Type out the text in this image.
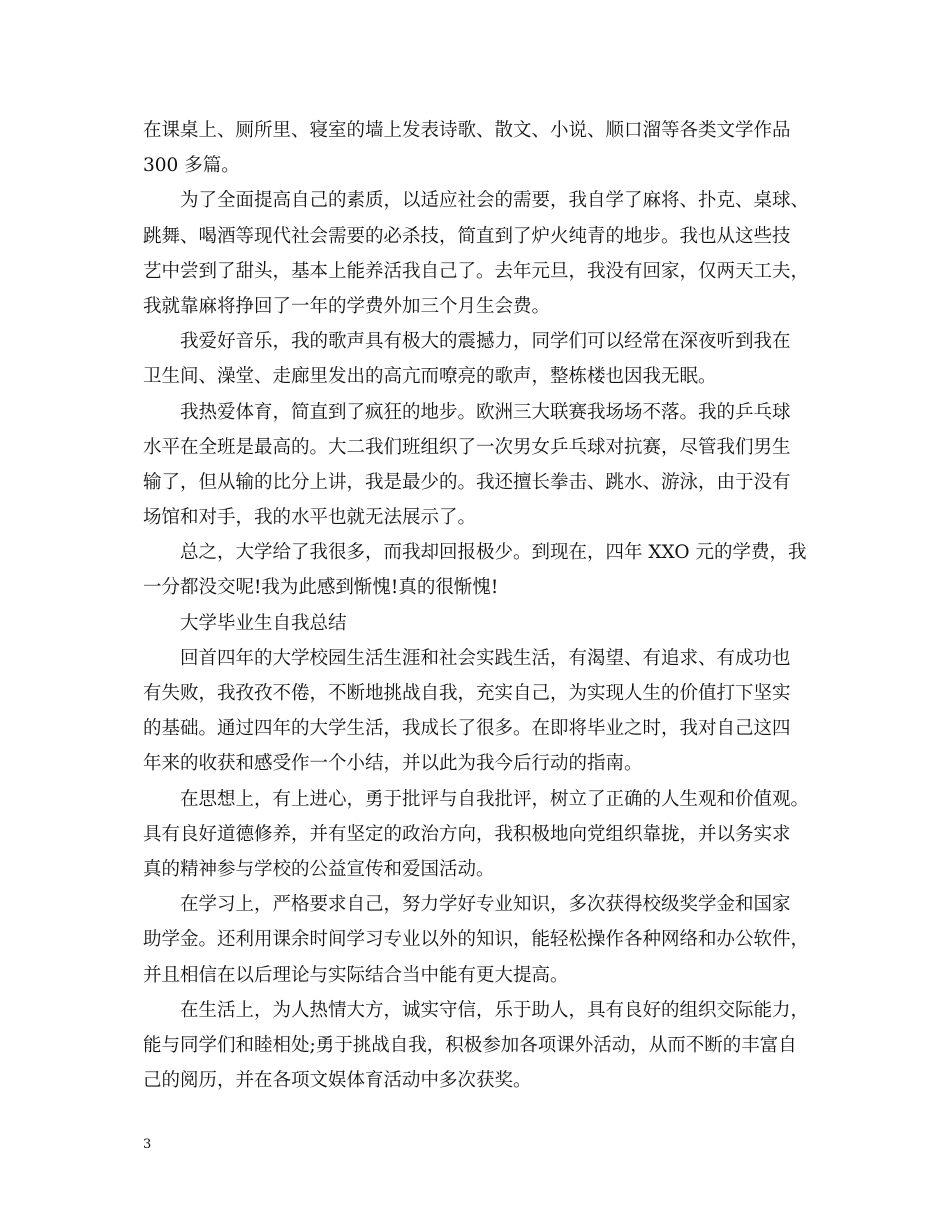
在课桌上、厕所里、寝室的墙上发表诗歌、散文、小说、顺口溜等各类文学作品
300 多篇。
为了全面提高自己的素质，以适应社会的需要，我自学了麻将、扑克、桌球、
跳舞、喝酒等现代社会需要的必杀技，简直到了炉火纯青的地步。我也从这些技
艺中尝到了甜头，基本上能养活我自己了。去年元旦，我没有回家，仅两天工夫，
我就靠麻将挣回了一年的学费外加三个月生会费。
我爱好音乐，我的歌声具有极大的震撼力，同学们可以经常在深夜听到我在
卫生间、澡堂、走廊里发出的高亢而嘹亮的歌声，整栋楼也因我无眠。
我热爱体育，简直到了疯狂的地步。欧洲三大联赛我场场不落。我的乒乓球
水平在全班是最高的。大二我们班组织了一次男女乒乓球对抗赛，尽管我们男生
输了，但从输的比分上讲，我是最少的。我还擅长拳击、跳水、游泳，由于没有
场馆和对手，我的水平也就无法展示了。
总之，大学给了我很多，而我却回报极少。到现在，四年 XXO 元的学费，我
一分都没交呢!我为此感到惭愧!真的很惭愧!
大学毕业生自我总结
回首四年的大学校园生活生涯和社会实践生活，有渴望、有追求、有成功也
有失败，我孜孜不倦，不断地挑战自我，充实自己，为实现人生的价值打下坚实
的基础。通过四年的大学生活，我成长了很多。在即将毕业之时，我对自己这四
年来的收获和感受作一个小结，并以此为我今后行动的指南。
在思想上，有上进心，勇于批评与自我批评，树立了正确的人生观和价值观。
具有良好道德修养，并有坚定的政治方向，我积极地向党组织靠拢，并以务实求
真的精神参与学校的公益宣传和爱国活动。
在学习上，严格要求自己，努力学好专业知识，多次获得校级奖学金和国家
助学金。还利用课余时间学习专业以外的知识，能轻松操作各种网络和办公软件，
并且相信在以后理论与实际结合当中能有更大提高。
在生活上，为人热情大方，诚实守信，乐于助人，具有良好的组织交际能力，
能与同学们和睦相处;勇于挑战自我，积极参加各项课外活动，从而不断的丰富自
己的阅历，并在各项文娱体育活动中多次获奖。
3
